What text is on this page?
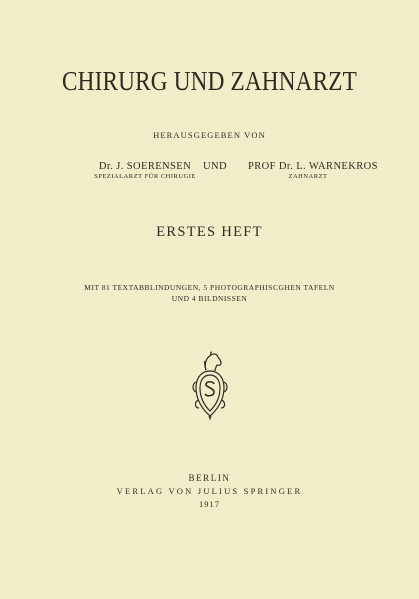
CHIRURG UND ZAHNARZT
HERAUSGEGEBEN VON
Dr. J. SOERENSEN
SPEZIALARZT FÜR CHIRUGIE
UND PROF Dr. L. WARNEKROS
ZAHNARZT
ERSTES HEFT
MIT 81 TEXTABBLINDUNGEN, 5 PHOTOGRAPHISCGHEN TAFELN
UND 4 BILDNISSEN
BERLIN
VERLAG VON JULIUS SPRINGER
1917
